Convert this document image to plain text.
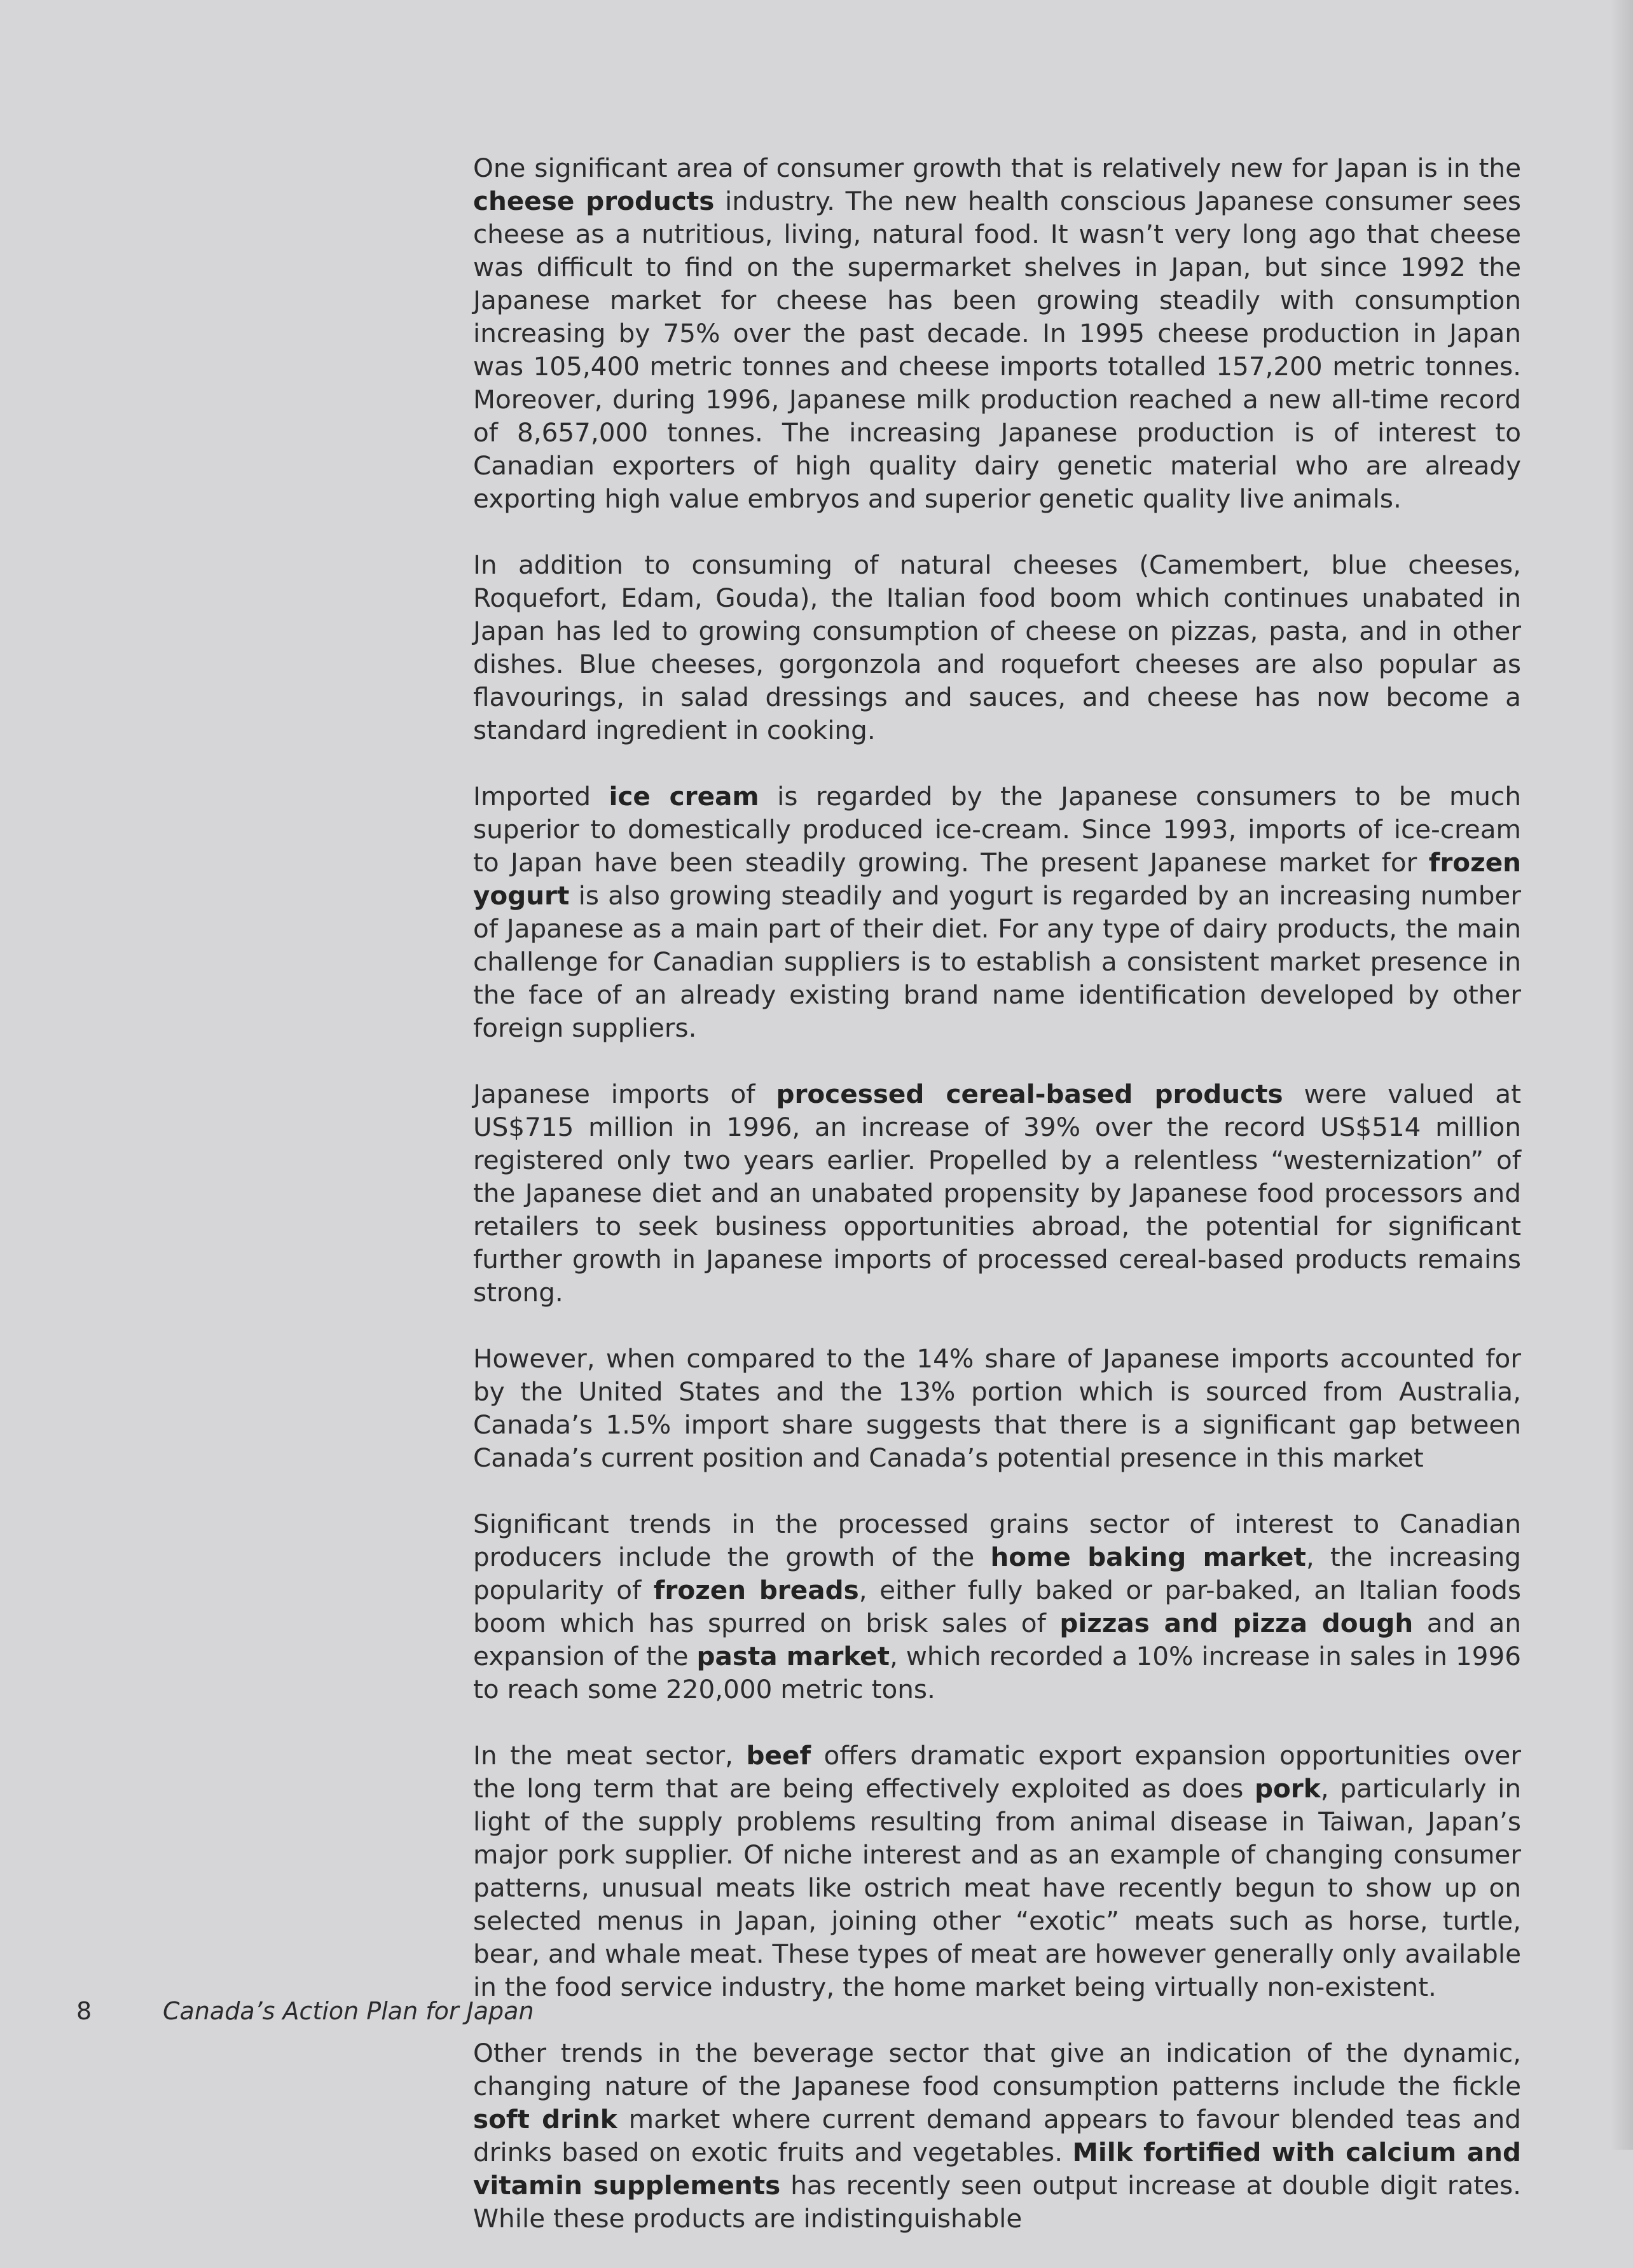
One significant area of consumer growth that is relatively new for Japan is in the cheese products industry. The new health conscious Japanese consumer sees cheese as a nutritious, living, natural food. It wasn’t very long ago that cheese was difficult to find on the supermarket shelves in Japan, but since 1992 the Japanese market for cheese has been growing steadily with consumption increasing by 75% over the past decade. In 1995 cheese production in Japan was 105,400 metric tonnes and cheese imports totalled 157,200 metric tonnes. Moreover, during 1996, Japanese milk production reached a new all-time record of 8,657,000 tonnes. The increasing Japanese production is of interest to Canadian exporters of high quality dairy genetic material who are already exporting high value embryos and superior genetic quality live animals.

In addition to consuming of natural cheeses (Camembert, blue cheeses, Roquefort, Edam, Gouda), the Italian food boom which continues unabated in Japan has led to growing consumption of cheese on pizzas, pasta, and in other dishes. Blue cheeses, gorgonzola and roquefort cheeses are also popular as flavourings, in salad dressings and sauces, and cheese has now become a standard ingredient in cooking.

Imported ice cream is regarded by the Japanese consumers to be much superior to domestically produced ice-cream. Since 1993, imports of ice-cream to Japan have been steadily growing. The present Japanese market for frozen yogurt is also growing steadily and yogurt is regarded by an increasing number of Japanese as a main part of their diet. For any type of dairy products, the main challenge for Canadian suppliers is to establish a consistent market presence in the face of an already existing brand name identification developed by other foreign suppliers.

Japanese imports of processed cereal-based products were valued at US$715 million in 1996, an increase of 39% over the record US$514 million registered only two years earlier. Propelled by a relentless “westernization” of the Japanese diet and an unabated propensity by Japanese food processors and retailers to seek business opportunities abroad, the potential for significant further growth in Japanese imports of processed cereal-based products remains strong.

However, when compared to the 14% share of Japanese imports accounted for by the United States and the 13% portion which is sourced from Australia, Canada’s 1.5% import share suggests that there is a significant gap between Canada’s current position and Canada’s potential presence in this market

Significant trends in the processed grains sector of interest to Canadian producers include the growth of the home baking market, the increasing popularity of frozen breads, either fully baked or par-baked, an Italian foods boom which has spurred on brisk sales of pizzas and pizza dough and an expansion of the pasta market, which recorded a 10% increase in sales in 1996 to reach some 220,000 metric tons.

In the meat sector, beef offers dramatic export expansion opportunities over the long term that are being effectively exploited as does pork, particularly in light of the supply problems resulting from animal disease in Taiwan, Japan’s major pork supplier. Of niche interest and as an example of changing consumer patterns, unusual meats like ostrich meat have recently begun to show up on selected menus in Japan, joining other “exotic” meats such as horse, turtle, bear, and whale meat. These types of meat are however generally only available in the food service industry, the home market being virtually non-existent.

Other trends in the beverage sector that give an indication of the dynamic, changing nature of the Japanese food consumption patterns include the fickle soft drink market where current demand appears to favour blended teas and drinks based on exotic fruits and vegetables. Milk fortified with calcium and vitamin supplements has recently seen output increase at double digit rates. While these products are indistinguishable

8	Canada’s Action Plan for Japan
